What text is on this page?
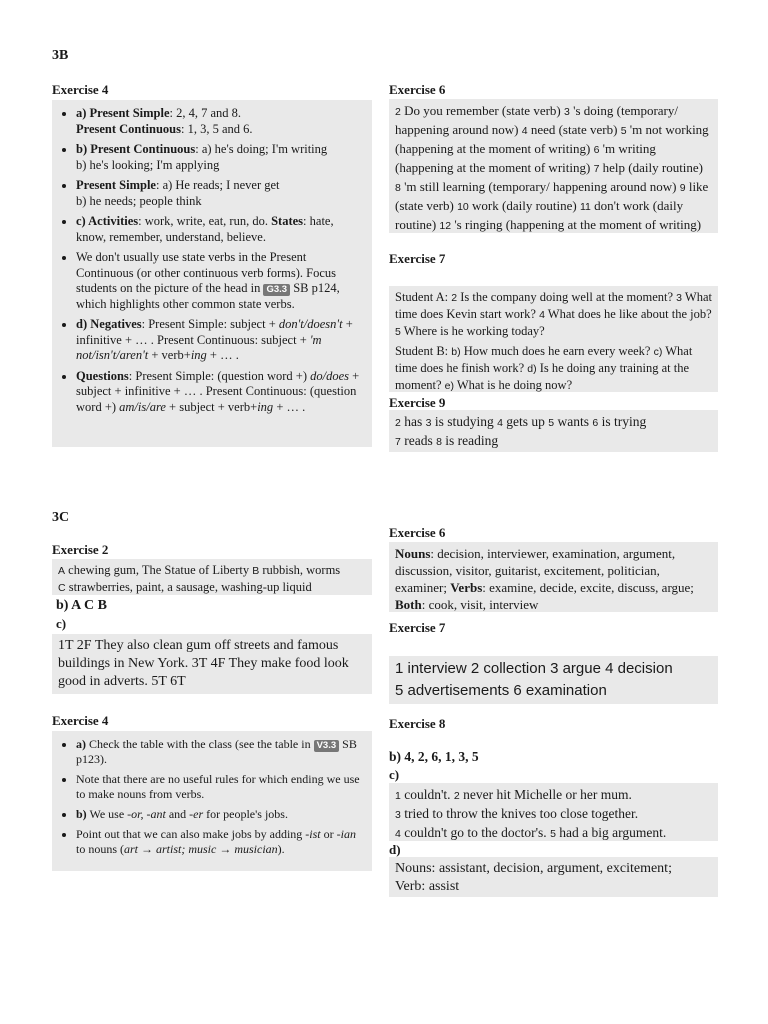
3B
Exercise 4
• a) Present Simple: 2, 4, 7 and 8.
Present Continuous: 1, 3, 5 and 6.
• b) Present Continuous: a) he's doing; I'm writing
b) he's looking; I'm applying
• Present Simple: a) He reads; I never get
b) he needs; people think
• c) Activities: work, write, eat, run, do. States: hate, know, remember, understand, believe.
• We don't usually use state verbs in the Present Continuous (or other continuous verb forms). Focus students on the picture of the head in G3.3 SB p124, which highlights other common state verbs.
• d) Negatives: Present Simple: subject + don't/doesn't + infinitive + … . Present Continuous: subject + 'm not/isn't/aren't + verb+ing + … .
• Questions: Present Simple: (question word +) do/does + subject + infinitive + … . Present Continuous: (question word +) am/is/are + subject + verb+ing + … .
Exercise 6

2 Do you remember (state verb) 3 's doing (temporary/ happening around now) 4 need (state verb) 5 'm not working (happening at the moment of writing) 6 'm writing (happening at the moment of writing) 7 help (daily routine) 8 'm still learning (temporary/ happening around now) 9 like (state verb) 10 work (daily routine) 11 don't work (daily routine) 12 's ringing (happening at the moment of writing)

Exercise 7

Student A: 2 Is the company doing well at the moment? 3 What time does Kevin start work? 4 What does he like about the job? 5 Where is he working today?

Student B: b) How much does he earn every week? c) What time does he finish work? d) Is he doing any training at the moment? e) What is he doing now?

Exercise 9

2 has 3 is studying 4 gets up 5 wants 6 is trying
7 reads 8 is reading

3C
Exercise 2

A chewing gum, The Statue of Liberty B rubbish, worms
C strawberries, paint, a sausage, washing-up liquid

b) A C B
c)

1T 2F They also clean gum off streets and famous buildings in New York. 3T 4F They make food look good in adverts. 5T 6T

Exercise 4
• a) Check the table with the class (see the table in V3.3 SB p123).
• Note that there are no useful rules for which ending we use to make nouns from verbs.
• b) We use -or, -ant and -er for people's jobs.
• Point out that we can also make jobs by adding -ist or -ian to nouns (art → artist; music → musician).
Exercise 6

Nouns: decision, interviewer, examination, argument, discussion, visitor, guitarist, excitement, politician, examiner; Verbs: examine, decide, excite, discuss, argue; Both: cook, visit, interview

Exercise 7
1 interview 2 collection 3 argue 4 decision
5 advertisements 6 examination
Exercise 8
b) 4, 2, 6, 1, 3, 5
c)

1 couldn't. 2 never hit Michelle or her mum.
3 tried to throw the knives too close together.
4 couldn't go to the doctor's. 5 had a big argument.

d)
Nouns: assistant, decision, argument, excitement;
Verb: assist
